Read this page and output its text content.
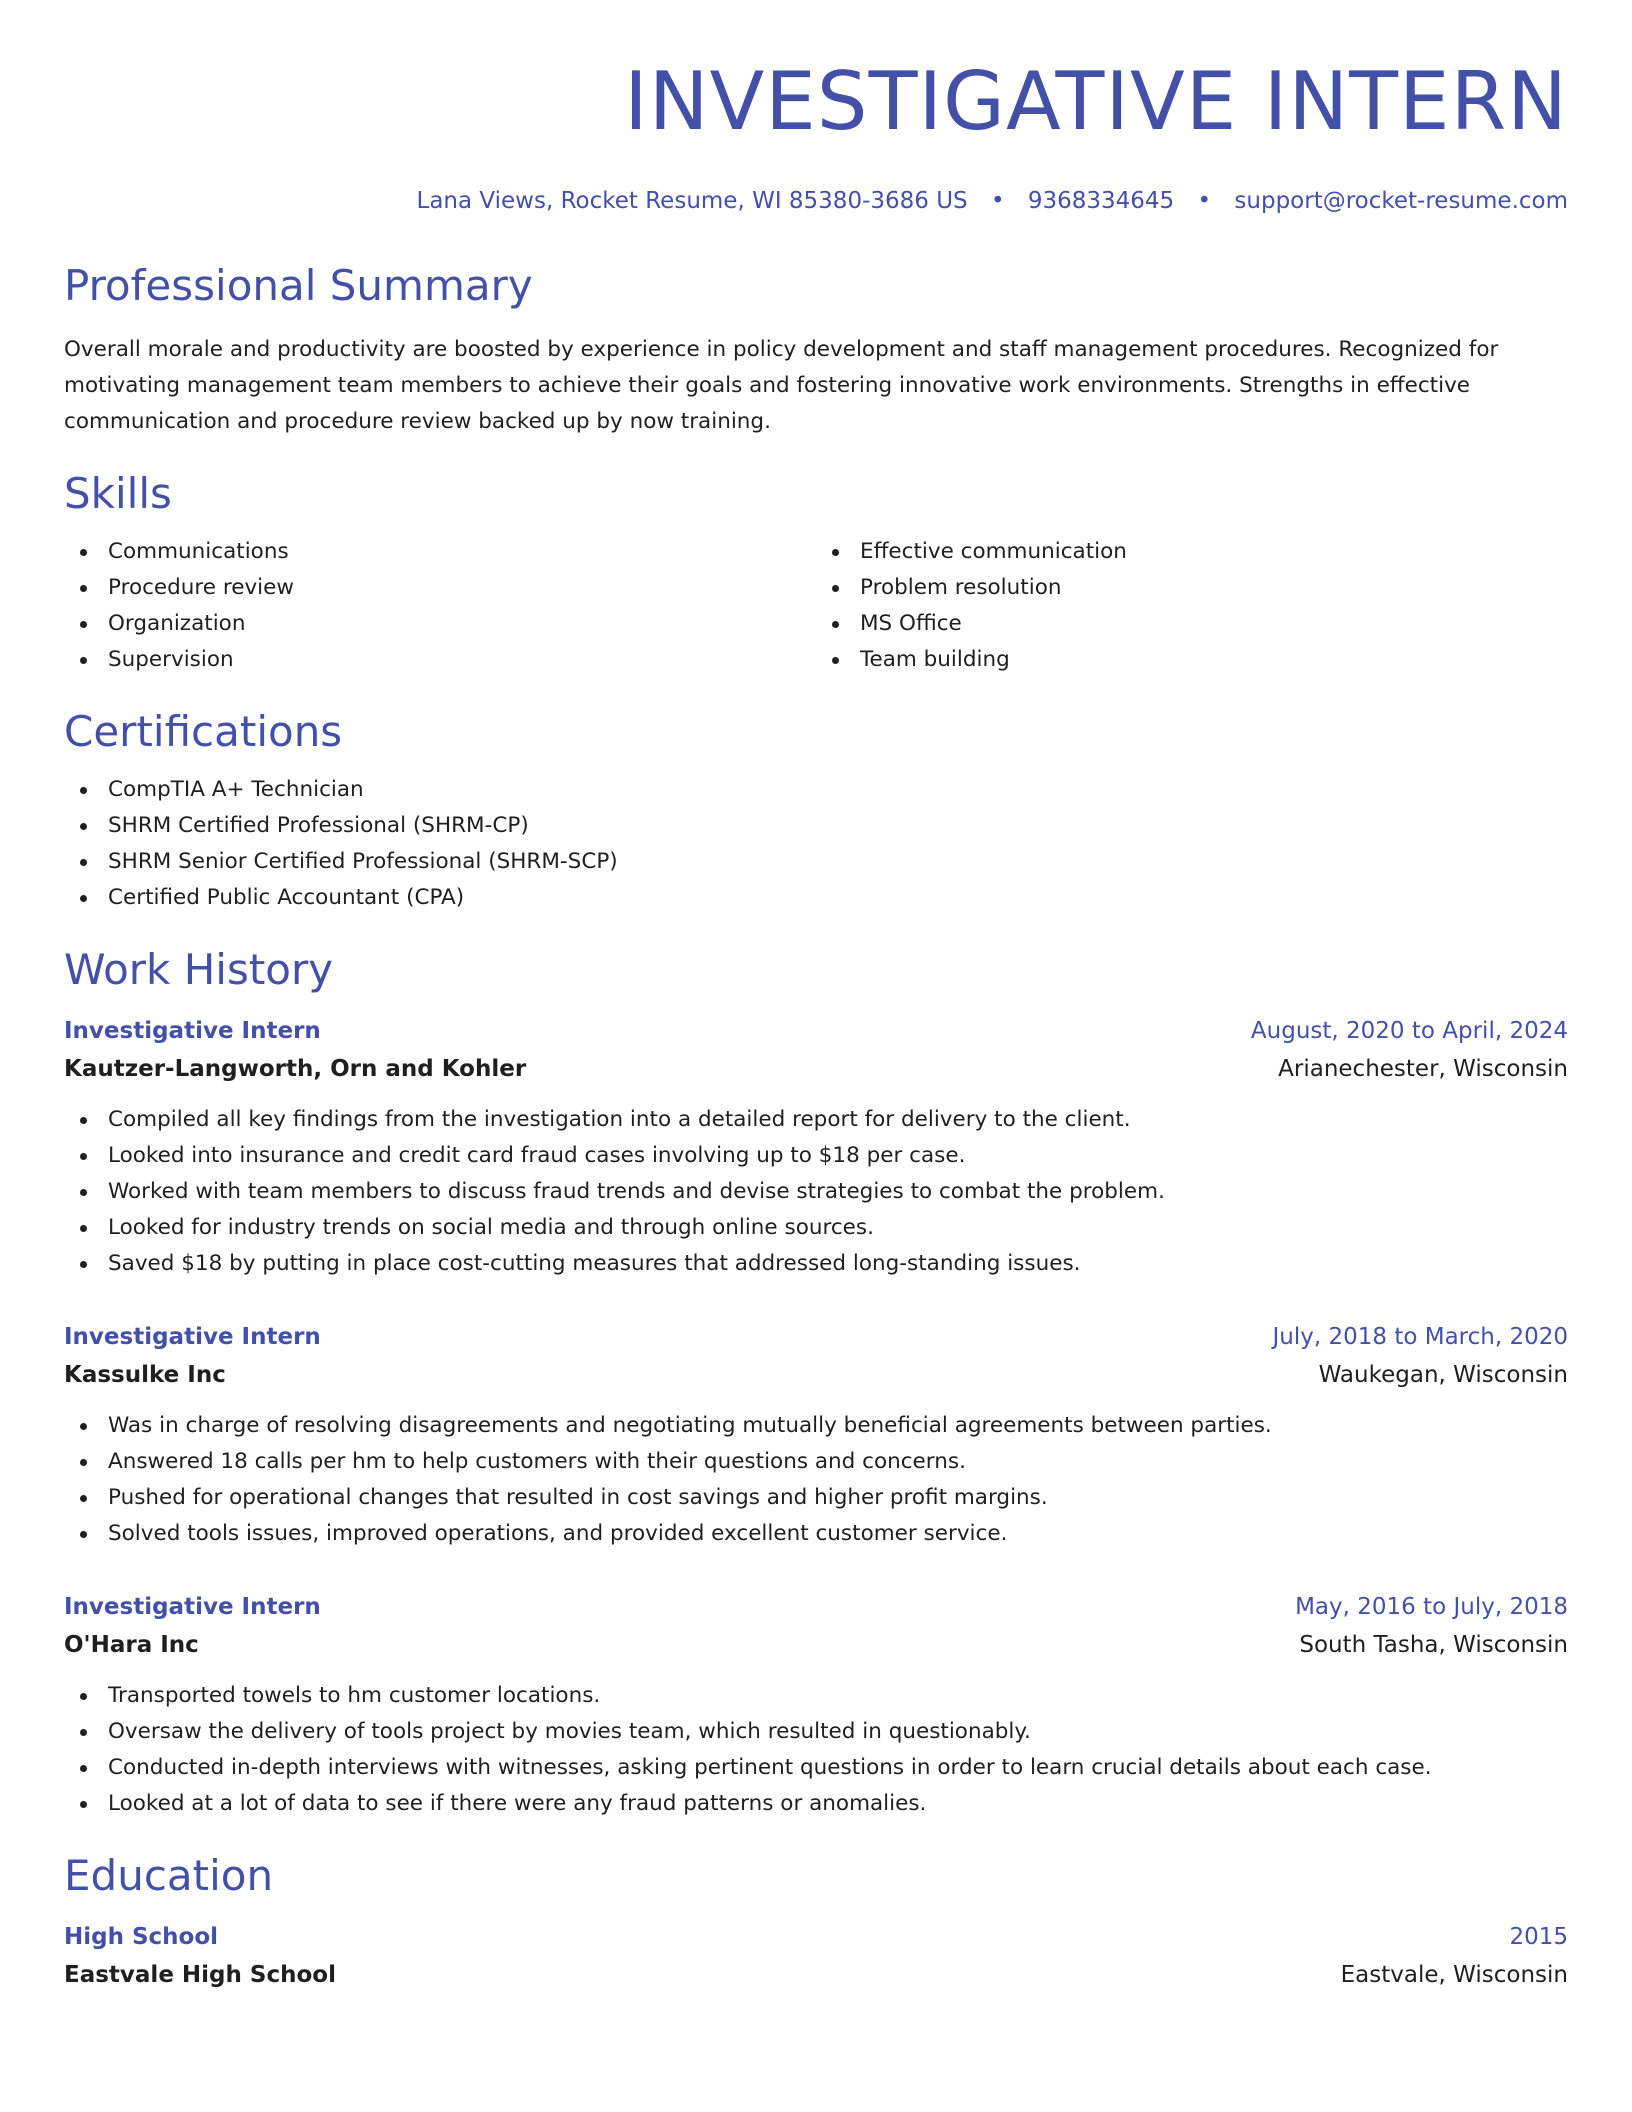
INVESTIGATIVE INTERN
Lana Views, Rocket Resume, WI 85380-3686 US • 9368334645 • support@rocket-resume.com
Professional Summary

Overall morale and productivity are boosted by experience in policy development and staff management procedures. Recognized for motivating management team members to achieve their goals and fostering innovative work environments. Strengths in effective communication and procedure review backed up by now training.

Skills
Communications
Procedure review
Organization
Supervision
Effective communication
Problem resolution
MS Office
Team building
Certifications
CompTIA A+ Technician
SHRM Certified Professional (SHRM-CP)
SHRM Senior Certified Professional (SHRM-SCP)
Certified Public Accountant (CPA)
Work History
Investigative Intern	August, 2020 to April, 2024
Kautzer-Langworth, Orn and Kohler	Arianechester, Wisconsin
Compiled all key findings from the investigation into a detailed report for delivery to the client.
Looked into insurance and credit card fraud cases involving up to $18 per case.
Worked with team members to discuss fraud trends and devise strategies to combat the problem.
Looked for industry trends on social media and through online sources.
Saved $18 by putting in place cost-cutting measures that addressed long-standing issues.
Investigative Intern	July, 2018 to March, 2020
Kassulke Inc	Waukegan, Wisconsin
Was in charge of resolving disagreements and negotiating mutually beneficial agreements between parties.
Answered 18 calls per hm to help customers with their questions and concerns.
Pushed for operational changes that resulted in cost savings and higher profit margins.
Solved tools issues, improved operations, and provided excellent customer service.
Investigative Intern	May, 2016 to July, 2018
O'Hara Inc	South Tasha, Wisconsin
Transported towels to hm customer locations.
Oversaw the delivery of tools project by movies team, which resulted in questionably.
Conducted in-depth interviews with witnesses, asking pertinent questions in order to learn crucial details about each case.
Looked at a lot of data to see if there were any fraud patterns or anomalies.
Education
High School	2015
Eastvale High School	Eastvale, Wisconsin
